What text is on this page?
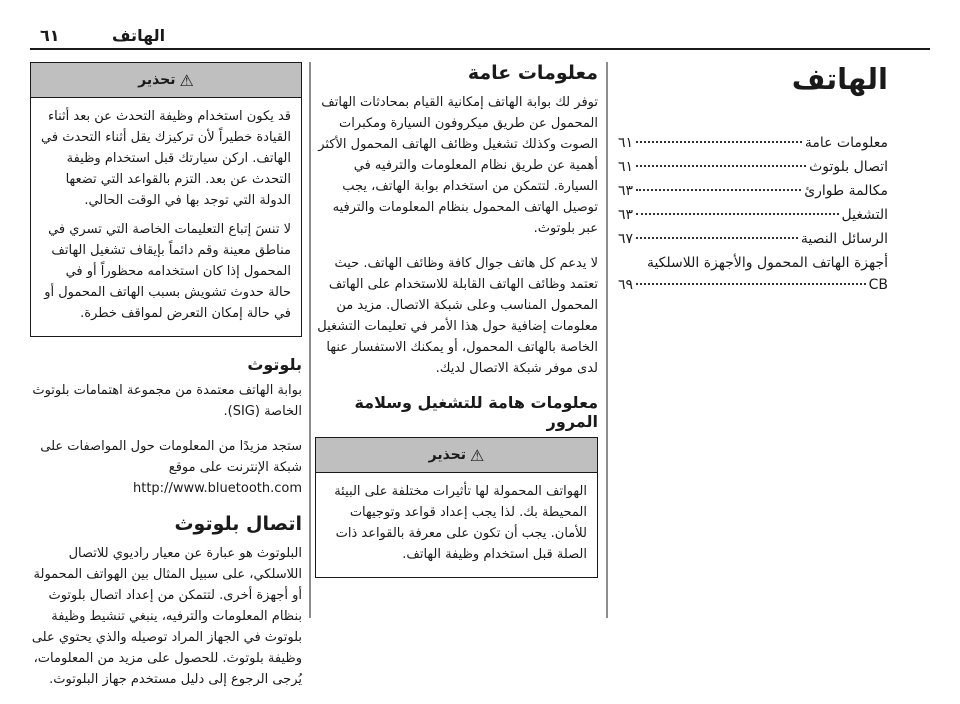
٦١	الهاتف
الهاتف
معلومات عامة
٦١
اتصال بلوتوث
٦١
مكالمة طوارئ
٦٣
التشغيل
٦٣
الرسائل النصية
٦٧
أجهزة الهاتف المحمول والأجهزة اللاسلكية
CB
٦٩
معلومات عامة

توفر لك بوابة الهاتف إمكانية القيام بمحادثات الهاتف المحمول عن طريق ميكروفون السيارة ومكبرات الصوت وكذلك تشغيل وظائف الهاتف المحمول الأكثر أهمية عن طريق نظام المعلومات والترفيه في السيارة. لتتمكن من استخدام بوابة الهاتف، يجب توصيل الهاتف المحمول بنظام المعلومات والترفيه عبر بلوتوث.

لا يدعم كل هاتف جوال كافة وظائف الهاتف. حيث تعتمد وظائف الهاتف القابلة للاستخدام على الهاتف المحمول المناسب وعلى شبكة الاتصال. مزيد من معلومات إضافية حول هذا الأمر في تعليمات التشغيل الخاصة بالهاتف المحمول، أو يمكنك الاستفسار عنها لدى موفر شبكة الاتصال لديك.

معلومات هامة للتشغيل وسلامة المرور
⚠
تحذير

الهواتف المحمولة لها تأثيرات مختلفة على البيئة المحيطة بك. لذا يجب إعداد قواعد وتوجيهات للأمان. يجب أن تكون على معرفة بالقواعد ذات الصلة قبل استخدام وظيفة الهاتف.

⚠
تحذير

قد يكون استخدام وظيفة التحدث عن بعد أثناء القيادة خطيراً لأن تركيزك يقل أثناء التحدث في الهاتف. اركن سيارتك قبل استخدام وظيفة التحدث عن بعد. التزم بالقواعد التي تضعها الدولة التي توجد بها في الوقت الحالي.

لا تنسَ إتباع التعليمات الخاصة التي تسري في مناطق معينة وقم دائماً بإيقاف تشغيل الهاتف المحمول إذا كان استخدامه محظوراً أو في حالة حدوث تشويش بسبب الهاتف المحمول أو في حالة إمكان التعرض لمواقف خطرة.

بلوتوث

بوابة الهاتف معتمدة من مجموعة اهتمامات بلوتوث الخاصة (SIG).

ستجد مزيدًا من المعلومات حول المواصفات على شبكة الإنترنت على موقع http://www.bluetooth.com

اتصال بلوتوث

البلوتوث هو عبارة عن معيار راديوي للاتصال اللاسلكي، على سبيل المثال بين الهواتف المحمولة أو أجهزة أخرى. لتتمكن من إعداد اتصال بلوتوث بنظام المعلومات والترفيه، ينبغي تنشيط وظيفة بلوتوث في الجهاز المراد توصيله والذي يحتوي على وظيفة بلوتوث. للحصول على مزيد من المعلومات، يُرجى الرجوع إلى دليل مستخدم جهاز البلوتوث.
